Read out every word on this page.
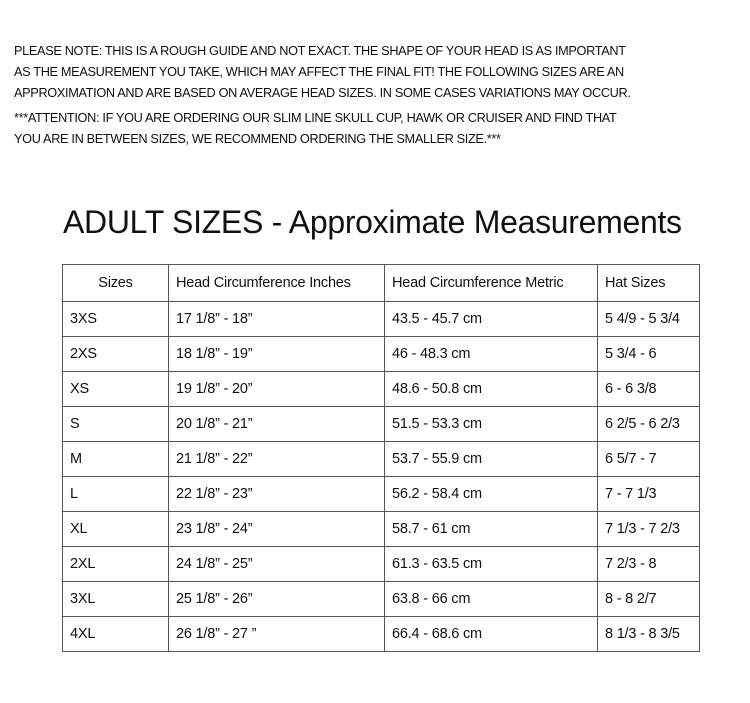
PLEASE NOTE: THIS IS A ROUGH GUIDE AND NOT EXACT. THE SHAPE OF YOUR HEAD IS AS IMPORTANT
AS THE MEASUREMENT YOU TAKE, WHICH MAY AFFECT THE FINAL FIT! THE FOLLOWING SIZES ARE AN
APPROXIMATION AND ARE BASED ON AVERAGE HEAD SIZES. IN SOME CASES VARIATIONS MAY OCCUR.
***ATTENTION: IF YOU ARE ORDERING OUR SLIM LINE SKULL CUP, HAWK OR CRUISER AND FIND THAT
YOU ARE IN BETWEEN SIZES, WE RECOMMEND ORDERING THE SMALLER SIZE.***
ADULT SIZES - Approximate Measurements
Sizes	Head Circumference Inches	Head Circumference Metric	Hat Sizes
3XS	17 1/8” - 18”	43.5 - 45.7 cm	5 4/9 - 5 3/4
2XS	18 1/8” - 19”	46 - 48.3 cm	5 3/4 - 6
XS	19 1/8” - 20”	48.6 - 50.8 cm	6 - 6 3/8
S	20 1/8” - 21”	51.5 - 53.3 cm	6 2/5 - 6 2/3
M	21 1/8” - 22”	53.7 - 55.9 cm	6 5/7 - 7
L	22 1/8” - 23”	56.2 - 58.4 cm	7 - 7 1/3
XL	23 1/8” - 24”	58.7 - 61 cm	7 1/3 - 7 2/3
2XL	24 1/8” - 25”	61.3 - 63.5 cm	7 2/3 - 8
3XL	25 1/8” - 26”	63.8 - 66 cm	8 - 8 2/7
4XL	26 1/8” - 27 ”	66.4 - 68.6 cm	8 1/3 - 8 3/5
